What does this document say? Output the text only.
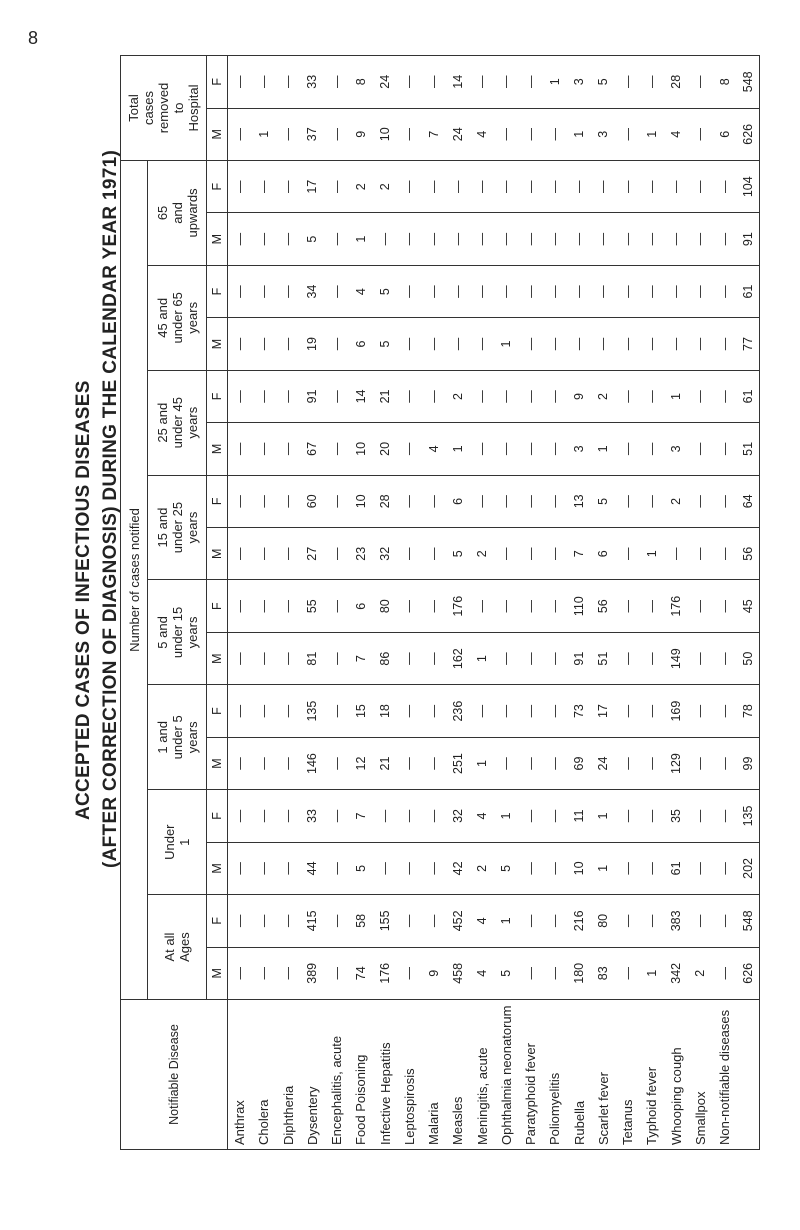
8
ACCEPTED CASES OF INFECTIOUS DISEASES (AFTER CORRECTION OF DIAGNOSIS) DURING THE CALENDAR YEAR 1971)
Notifiable Disease	Number of cases notified																Total cases removed to Hospital	

	At all Ages		Under 1		1 and under 5 years		5 and under 15 years		15 and under 25 years		25 and under 45 years		45 and under 65 years		65 and upwards			

	M	F	M	F	M	F	M	F	M	F	M	F	M	F	M	F	M	F
Anthrax	—	—	—	—	—	—	—	—	—	—	—	—	—	—	—	—	—	—
Cholera	—	—	—	—	—	—	—	—	—	—	—	—	—	—	—	—	1	—
Diphtheria	—	—	—	—	—	—	—	—	—	—	—	—	—	—	—	—	—	—
Dysentery	389	415	44	33	146	135	81	55	27	60	67	91	19	34	5	17	37	33
Encephalitis, acute	—	—	—	—	—	—	—	—	—	—	—	—	—	—	—	—	—	—
Food Poisoning	74	58	5	7	12	15	7	6	23	10	10	14	6	4	1	2	9	8
Infective Hepatitis	176	155	—	—	21	18	86	80	32	28	20	21	5	5	—	2	10	24
Leptospirosis	—	—	—	—	—	—	—	—	—	—	—	—	—	—	—	—	—	—
Malaria	9	—	—	—	—	—	—	—	—	—	4	—	—	—	—	—	7	—
Measles	458	452	42	32	251	236	162	176	5	6	1	2	—	—	—	—	24	14
Meningitis, acute	4	4	2	4	1	—	1	—	2	—	—	—	—	—	—	—	4	—
Ophthalmia neonatorum	5	1	5	1	—	—	—	—	—	—	—	—	1	—	—	—	—	—
Paratyphoid fever	—	—	—	—	—	—	—	—	—	—	—	—	—	—	—	—	—	—
Poliomyelitis	—	—	—	—	—	—	—	—	—	—	—	—	—	—	—	—	—	1
Rubella	180	216	10	11	69	73	91	110	7	13	3	9	—	—	—	—	1	3
Scarlet fever	83	80	1	1	24	17	51	56	6	5	1	2	—	—	—	—	3	5
Tetanus	—	—	—	—	—	—	—	—	—	—	—	—	—	—	—	—	—	—
Typhoid fever	1	—	—	—	—	—	—	—	1	—	—	—	—	—	—	—	1	—
Whooping cough	342	383	61	35	129	169	149	176	—	2	3	1	—	—	—	—	4	28
Smallpox	2	—	—	—	—	—	—	—	—	—	—	—	—	—	—	—	—	—
Non-notifiable diseases	—	—	—	—	—	—	—	—	—	—	—	—	—	—	—	—	6	8
	626	548	202	135	99	78	50	45	56	64	51	61	77	61	91	104	626	548
